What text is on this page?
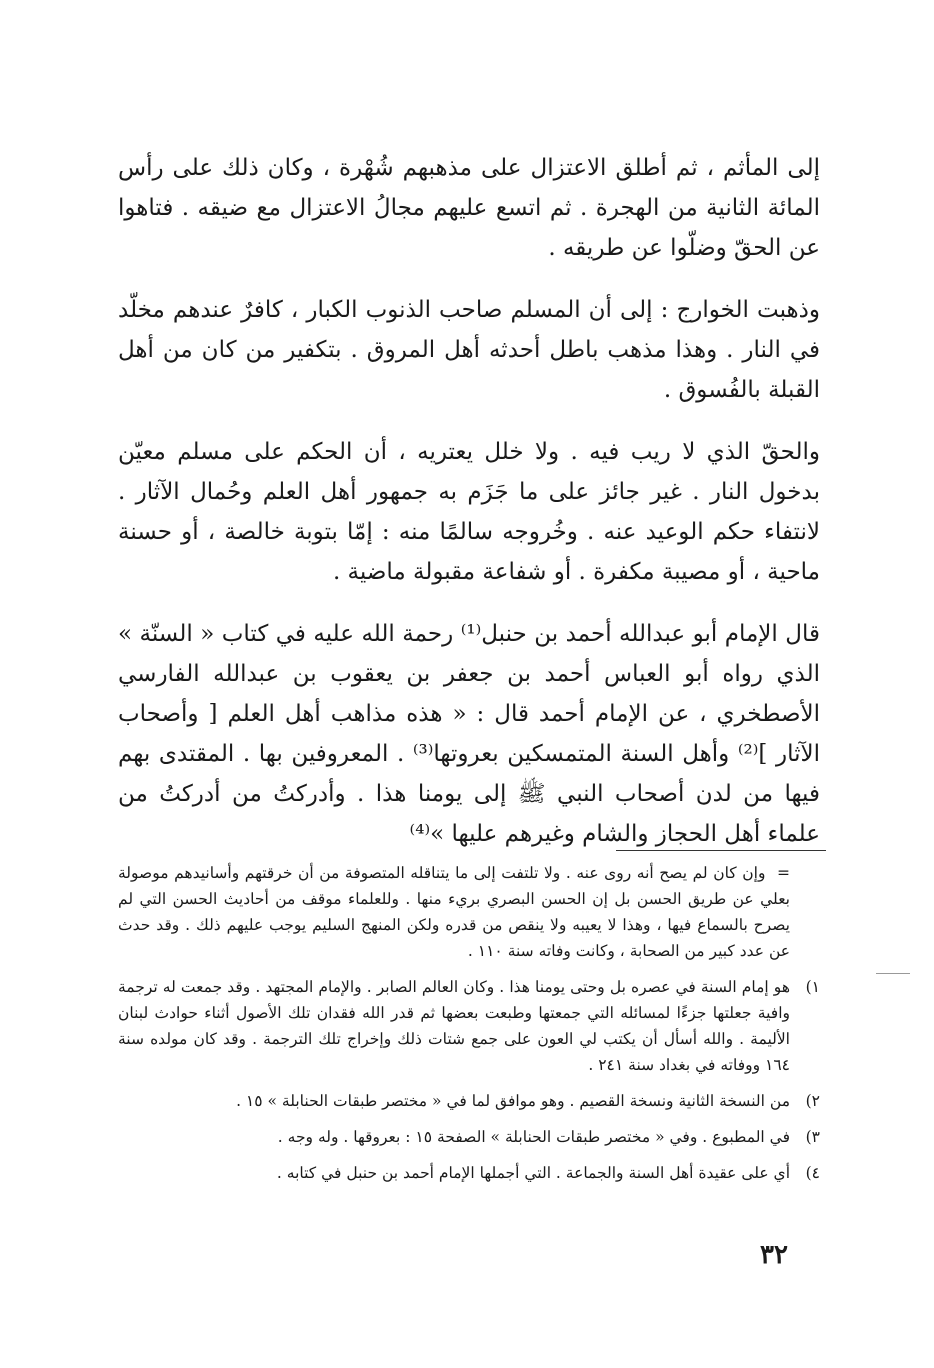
إلى المأثم ، ثم أطلق الاعتزال على مذهبهم شُهْرة ، وكان ذلك على رأس المائة الثانية من الهجرة . ثم اتسع عليهم مجالُ الاعتزال مع ضيقه . فتاهوا عن الحقّ وضلّوا عن طريقه .

وذهبت الخوارج : إلى أن المسلم صاحب الذنوب الكبار ، كافرٌ عندهم مخلّد في النار . وهذا مذهب باطل أحدثه أهل المروق . بتكفير من كان من أهل القبلة بالفُسوق .

والحقّ الذي لا ريب فيه . ولا خلل يعتريه ، أن الحكم على مسلم معيّن بدخول النار . غير جائز على ما جَزَم به جمهور أهل العلم وحُمال الآثار . لانتفاء حكم الوعيد عنه . وخُروجه سالمًا منه : إمّا بتوبة خالصة ، أو حسنة ماحية ، أو مصيبة مكفرة . أو شفاعة مقبولة ماضية .

قال الإمام أبو عبدالله أحمد بن حنبل⁽¹⁾ رحمة الله عليه في كتاب « السنّة » الذي رواه أبو العباس أحمد بن جعفر بن يعقوب بن عبدالله الفارسي الأصطخري ، عن الإمام أحمد قال : « هذه مذاهب أهل العلم [ وأصحاب الآثار ]⁽²⁾ وأهل السنة المتمسكين بعروتها⁽³⁾ . المعروفين بها . المقتدى بهم فيها من لدن أصحاب النبي ﷺ إلى يومنا هذا . وأدركتُ من أدركتُ من علماء أهل الحجاز والشام وغيرهم عليها »⁽⁴⁾

= وإن كان لم يصح أنه روى عنه . ولا تلتفت إلى ما يتناقله المتصوفة من أن خرقتهم وأسانيدهم موصولة بعلي عن طريق الحسن بل إن الحسن البصري بريء منها . وللعلماء موقف من أحاديث الحسن التي لم يصرح بالسماع فيها ، وهذا لا يعيبه ولا ينقص من قدره ولكن المنهج السليم يوجب عليهم ذلك . وقد حدث عن عدد كبير من الصحابة ، وكانت وفاته سنة ١١٠ .
١)
هو إمام السنة في عصره بل وحتى يومنا هذا . وكان العالم الصابر . والإمام المجتهد . وقد جمعت له ترجمة وافية جعلتها جزءًا لمسائله التي جمعتها وطبعت بعضها ثم قدر الله فقدان تلك الأصول أثناء حوادث لبنان الأليمة . والله أسأل أن يكتب لي العون على جمع شتات ذلك وإخراج تلك الترجمة . وقد كان مولده سنة ١٦٤ ووفاته في بغداد سنة ٢٤١ .
٢)
من النسخة الثانية ونسخة القصيم . وهو موافق لما في « مختصر طبقات الحنابلة » ١٥ .
٣)
في المطبوع . وفي « مختصر طبقات الحنابلة » الصفحة ١٥ : بعروقها . وله وجه .
٤)
أي على عقيدة أهل السنة والجماعة . التي أجملها الإمام أحمد بن حنبل في كتابه .
٣٢
